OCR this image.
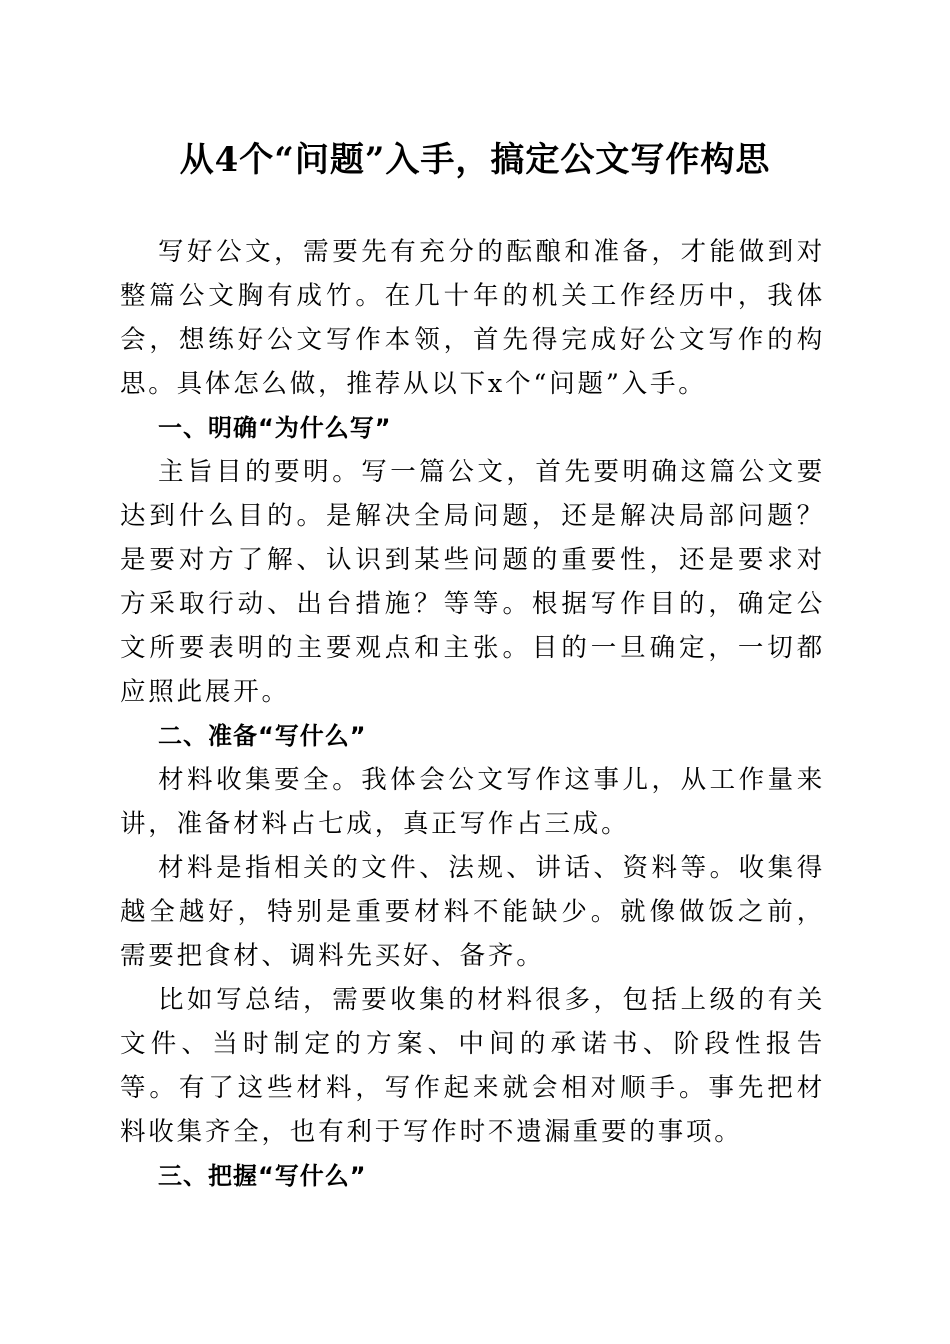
从4个“问题”入手，搞定公文写作构思

写好公文，需要先有充分的酝酿和准备，才能做到对整篇公文胸有成竹。在几十年的机关工作经历中，我体会，想练好公文写作本领，首先得完成好公文写作的构思。具体怎么做，推荐从以下x个“问题”入手。

一、明确“为什么写”

主旨目的要明。写一篇公文，首先要明确这篇公文要达到什么目的。是解决全局问题，还是解决局部问题？是要对方了解、认识到某些问题的重要性，还是要求对方采取行动、出台措施？等等。根据写作目的，确定公文所要表明的主要观点和主张。目的一旦确定，一切都应照此展开。

二、准备“写什么”

材料收集要全。我体会公文写作这事儿，从工作量来讲，准备材料占七成，真正写作占三成。

材料是指相关的文件、法规、讲话、资料等。收集得越全越好，特别是重要材料不能缺少。就像做饭之前，需要把食材、调料先买好、备齐。

比如写总结，需要收集的材料很多，包括上级的有关文件、当时制定的方案、中间的承诺书、阶段性报告等。有了这些材料，写作起来就会相对顺手。事先把材料收集齐全，也有利于写作时不遗漏重要的事项。

三、把握“写什么”
